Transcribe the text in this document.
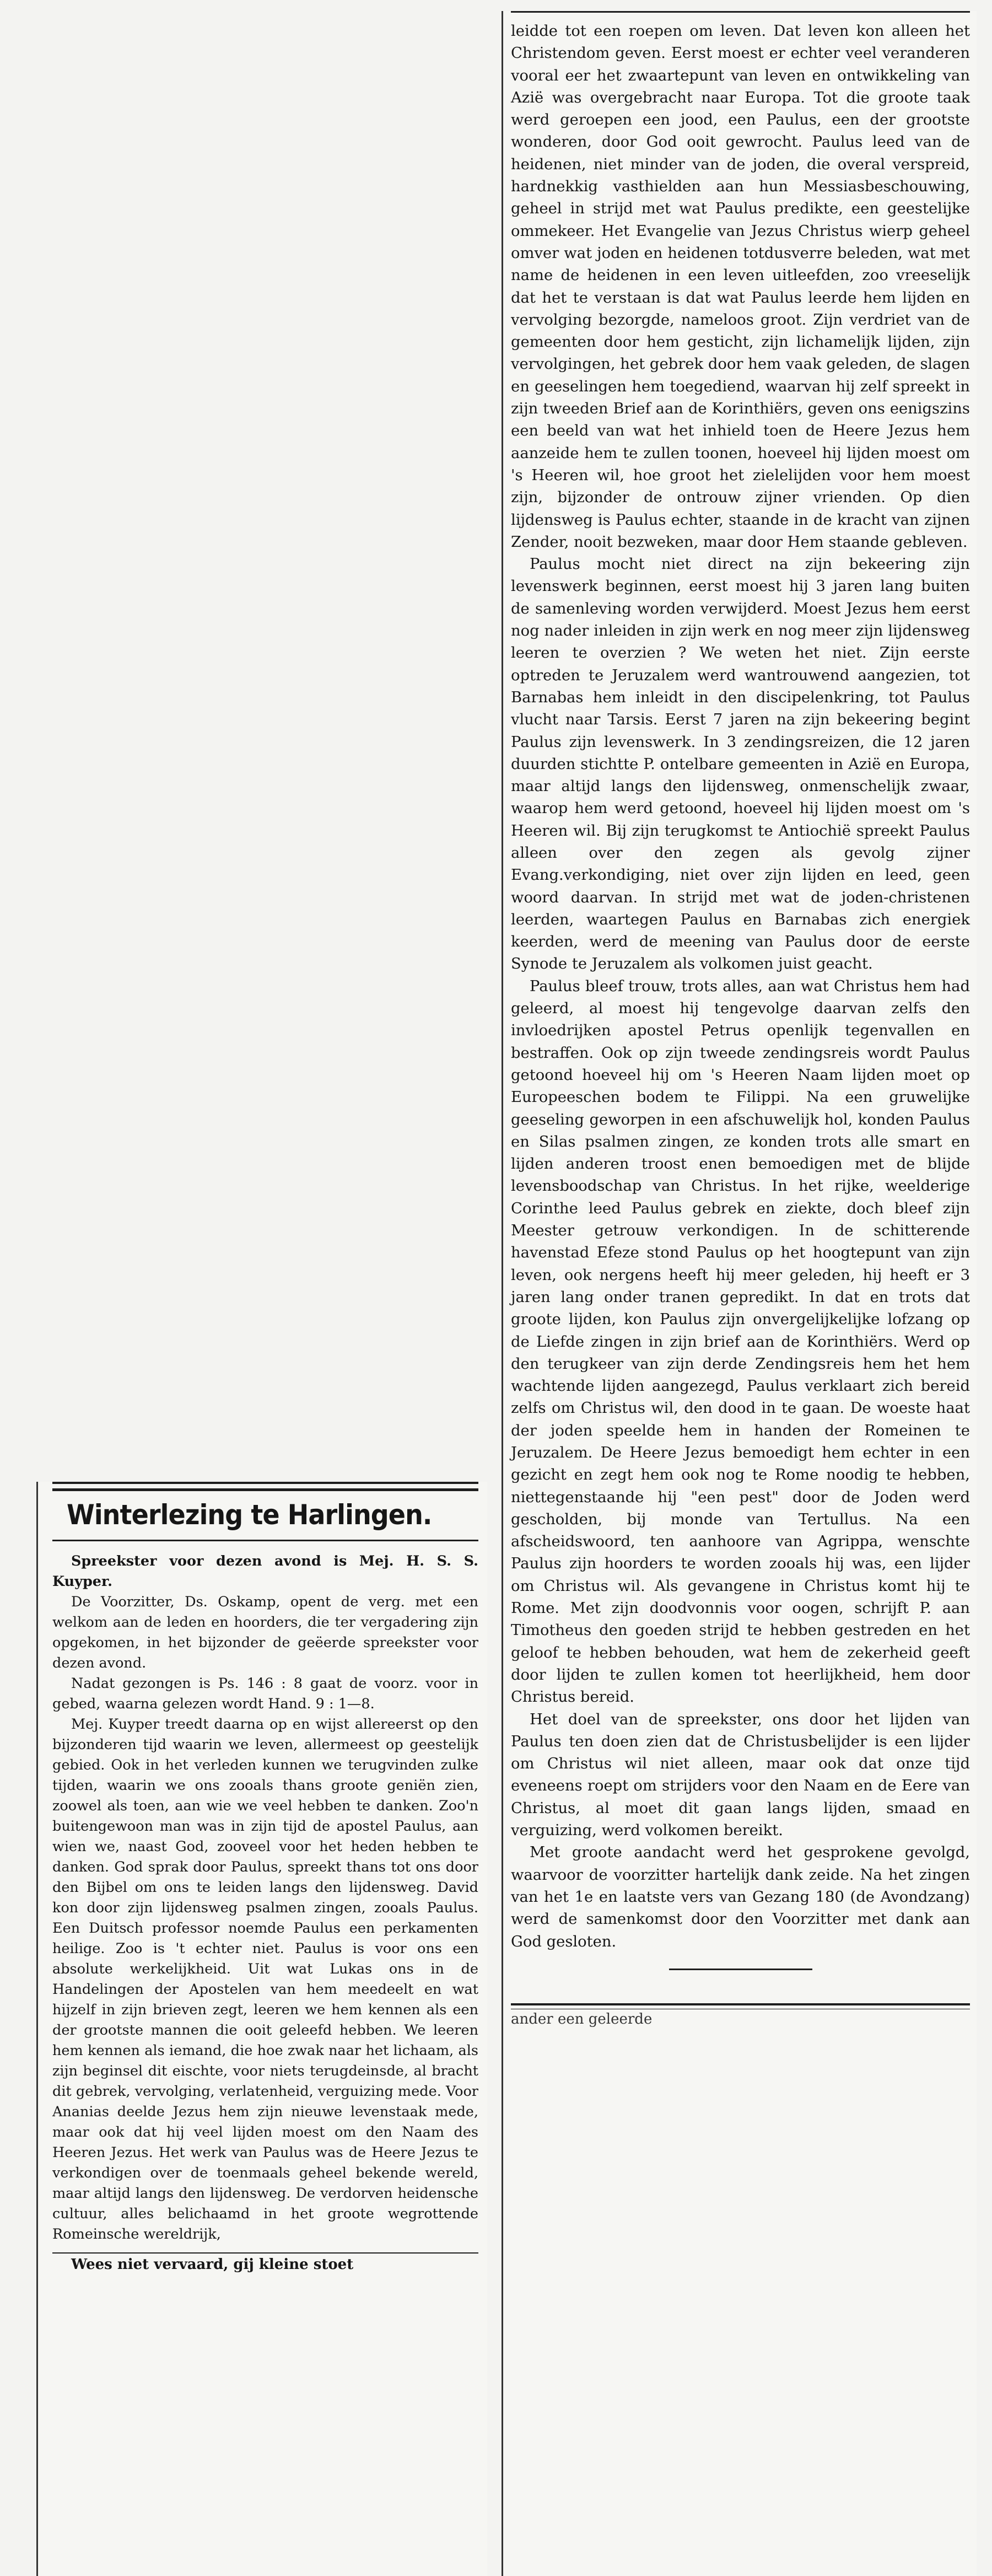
Winterlezing te Harlingen.

Spreekster voor dezen avond is Mej. H. S. S. Kuyper.

De Voorzitter, Ds. Oskamp, opent de verg. met een welkom aan de leden en hoorders, die ter vergadering zijn opgekomen, in het bijzonder de geëerde spreekster voor dezen avond.

Nadat gezongen is Ps. 146 : 8 gaat de voorz. voor in gebed, waarna gelezen wordt Hand. 9 : 1—8.

Mej. Kuyper treedt daarna op en wijst allereerst op den bijzonderen tijd waarin we leven, allermeest op geestelijk gebied. Ook in het verleden kunnen we terugvinden zulke tijden, waarin we ons zooals thans groote geniën zien, zoowel als toen, aan wie we veel hebben te danken. Zoo'n buitengewoon man was in zijn tijd de apostel Paulus, aan wien we, naast God, zooveel voor het heden hebben te danken. God sprak door Paulus, spreekt thans tot ons door den Bijbel om ons te leiden langs den lijdensweg. David kon door zijn lijdensweg psalmen zingen, zooals Paulus. Een Duitsch professor noemde Paulus een perkamenten heilige. Zoo is 't echter niet. Paulus is voor ons een absolute werkelijkheid. Uit wat Lukas ons in de Handelingen der Apostelen van hem meedeelt en wat hijzelf in zijn brieven zegt, leeren we hem kennen als een der grootste mannen die ooit geleefd hebben. We leeren hem kennen als iemand, die hoe zwak naar het lichaam, als zijn beginsel dit eischte, voor niets terugdeinsde, al bracht dit gebrek, vervolging, verlatenheid, verguizing mede. Voor Ananias deelde Jezus hem zijn nieuwe levenstaak mede, maar ook dat hij veel lijden moest om den Naam des Heeren Jezus. Het werk van Paulus was de Heere Jezus te verkondigen over de toenmaals geheel bekende wereld, maar altijd langs den lijdensweg. De verdorven heidensche cultuur, alles belichaamd in het groote wegrottende Romeinsche wereldrijk,

Wees niet vervaard, gij kleine stoet

leidde tot een roepen om leven. Dat leven kon alleen het Christendom geven. Eerst moest er echter veel veranderen vooral eer het zwaartepunt van leven en ontwikkeling van Azië was overgebracht naar Europa. Tot die groote taak werd geroepen een jood, een Paulus, een der grootste wonderen, door God ooit gewrocht. Paulus leed van de heidenen, niet minder van de joden, die overal verspreid, hardnekkig vasthielden aan hun Messiasbeschouwing, geheel in strijd met wat Paulus predikte, een geestelijke ommekeer. Het Evangelie van Jezus Christus wierp geheel omver wat joden en heidenen totdusverre beleden, wat met name de heidenen in een leven uitleefden, zoo vreeselijk dat het te verstaan is dat wat Paulus leerde hem lijden en vervolging bezorgde, nameloos groot. Zijn verdriet van de gemeenten door hem gesticht, zijn lichamelijk lijden, zijn vervolgingen, het gebrek door hem vaak geleden, de slagen en geeselingen hem toegediend, waarvan hij zelf spreekt in zijn tweeden Brief aan de Korinthiërs, geven ons eenigszins een beeld van wat het inhield toen de Heere Jezus hem aanzeide hem te zullen toonen, hoeveel hij lijden moest om 's Heeren wil, hoe groot het zielelijden voor hem moest zijn, bijzonder de ontrouw zijner vrienden. Op dien lijdensweg is Paulus echter, staande in de kracht van zijnen Zender, nooit bezweken, maar door Hem staande gebleven.

Paulus mocht niet direct na zijn bekeering zijn levenswerk beginnen, eerst moest hij 3 jaren lang buiten de samenleving worden verwijderd. Moest Jezus hem eerst nog nader inleiden in zijn werk en nog meer zijn lijdensweg leeren te overzien ? We weten het niet. Zijn eerste optreden te Jeruzalem werd wantrouwend aangezien, tot Barnabas hem inleidt in den discipelenkring, tot Paulus vlucht naar Tarsis. Eerst 7 jaren na zijn bekeering begint Paulus zijn levenswerk. In 3 zendingsreizen, die 12 jaren duurden stichtte P. ontelbare gemeenten in Azië en Europa, maar altijd langs den lijdensweg, onmenschelijk zwaar, waarop hem werd getoond, hoeveel hij lijden moest om 's Heeren wil. Bij zijn terugkomst te Antiochië spreekt Paulus alleen over den zegen als gevolg zijner Evang.verkondiging, niet over zijn lijden en leed, geen woord daarvan. In strijd met wat de joden-christenen leerden, waartegen Paulus en Barnabas zich energiek keerden, werd de meening van Paulus door de eerste Synode te Jeruzalem als volkomen juist geacht.

Paulus bleef trouw, trots alles, aan wat Christus hem had geleerd, al moest hij tengevolge daarvan zelfs den invloedrijken apostel Petrus openlijk tegenvallen en bestraffen. Ook op zijn tweede zendingsreis wordt Paulus getoond hoeveel hij om 's Heeren Naam lijden moet op Europeeschen bodem te Filippi. Na een gruwelijke geeseling geworpen in een afschuwelijk hol, konden Paulus en Silas psalmen zingen, ze konden trots alle smart en lijden anderen troost enen bemoedigen met de blijde levensboodschap van Christus. In het rijke, weelderige Corinthe leed Paulus gebrek en ziekte, doch bleef zijn Meester getrouw verkondigen. In de schitterende havenstad Efeze stond Paulus op het hoogtepunt van zijn leven, ook nergens heeft hij meer geleden, hij heeft er 3 jaren lang onder tranen gepredikt. In dat en trots dat groote lijden, kon Paulus zijn onvergelijkelijke lofzang op de Liefde zingen in zijn brief aan de Korinthiërs. Werd op den terugkeer van zijn derde Zendingsreis hem het hem wachtende lijden aangezegd, Paulus verklaart zich bereid zelfs om Christus wil, den dood in te gaan. De woeste haat der joden speelde hem in handen der Romeinen te Jeruzalem. De Heere Jezus bemoedigt hem echter in een gezicht en zegt hem ook nog te Rome noodig te hebben, niettegenstaande hij "een pest" door de Joden werd gescholden, bij monde van Tertullus. Na een afscheidswoord, ten aanhoore van Agrippa, wenschte Paulus zijn hoorders te worden zooals hij was, een lijder om Christus wil. Als gevangene in Christus komt hij te Rome. Met zijn doodvonnis voor oogen, schrijft P. aan Timotheus den goeden strijd te hebben gestreden en het geloof te hebben behouden, wat hem de zekerheid geeft door lijden te zullen komen tot heerlijkheid, hem door Christus bereid.

Het doel van de spreekster, ons door het lijden van Paulus ten doen zien dat de Christusbelijder is een lijder om Christus wil niet alleen, maar ook dat onze tijd eveneens roept om strijders voor den Naam en de Eere van Christus, al moet dit gaan langs lijden, smaad en verguizing, werd volkomen bereikt.

Met groote aandacht werd het gesprokene gevolgd, waarvoor de voorzitter hartelijk dank zeide. Na het zingen van het 1e en laatste vers van Gezang 180 (de Avondzang) werd de samenkomst door den Voorzitter met dank aan God gesloten.

ander een geleerde
